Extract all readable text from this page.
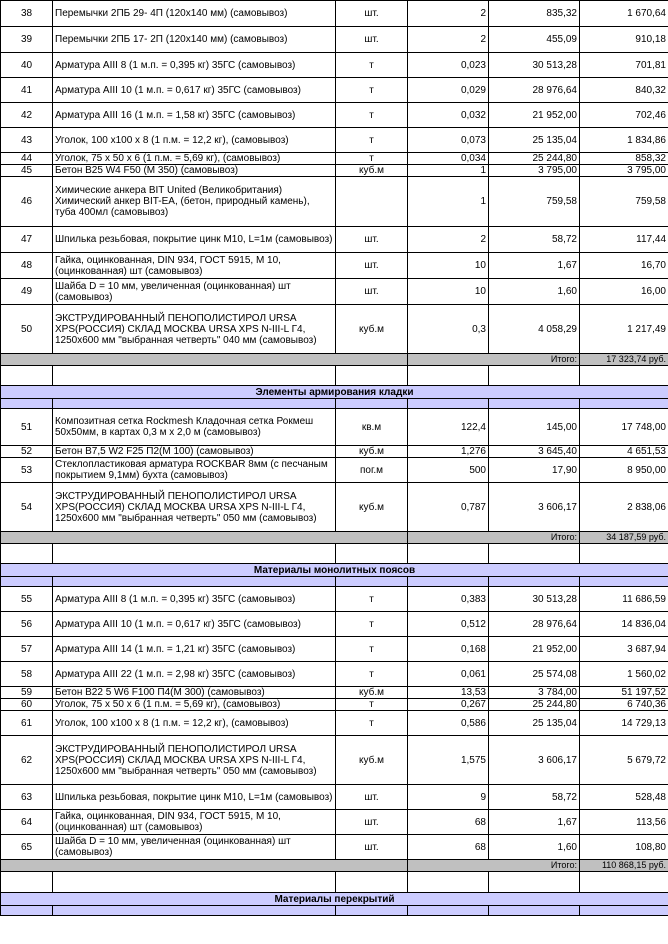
38	Перемычки 2ПБ 29- 4П (120х140 мм) (самовывоз)	шт.	2	835,32	1 670,64
39	Перемычки 2ПБ 17- 2П (120х140 мм) (самовывоз)	шт.	2	455,09	910,18
40	Арматура АIII 8 (1 м.п. = 0,395 кг) 35ГС (самовывоз)	т	0,023	30 513,28	701,81
41	Арматура АIII 10 (1 м.п. = 0,617 кг) 35ГС (самовывоз)	т	0,029	28 976,64	840,32
42	Арматура АIII 16 (1 м.п. = 1,58 кг) 35ГС (самовывоз)	т	0,032	21 952,00	702,46
43	Уголок, 100 х100 х 8 (1 п.м. = 12,2 кг), (самовывоз)	т	0,073	25 135,04	1 834,86
44	Уголок, 75 х 50 х 6 (1 п.м. = 5,69 кг), (самовывоз)	т	0,034	25 244,80	858,32
45	Бетон В25 W4 F50 (М 350) (самовывоз)	куб.м	1	3 795,00	3 795,00
46	Химические анкера BIT United (Великобритания) Химический анкер BIT-EA, (бетон, природный камень), туба 400мл (самовывоз)		1	759,58	759,58
47	Шпилька резьбовая, покрытие цинк М10, L=1м (самовывоз)	шт.	2	58,72	117,44
48	Гайка, оцинкованная, DIN 934, ГОСТ 5915, М 10, (оцинкованная) шт (самовывоз)	шт.	10	1,67	16,70
49	Шайба D = 10 мм, увеличенная (оцинкованная) шт (самовывоз)	шт.	10	1,60	16,00
50	ЭКСТРУДИРОВАННЫЙ ПЕНОПОЛИСТИРОЛ URSA XPS(РОССИЯ) СКЛАД МОСКВА URSA XPS N-III-L Г4, 1250х600 мм "выбранная четверть" 040 мм (самовывоз)	куб.м	0,3	4 058,29	1 217,49
			Итого:		17 323,74 руб.

Элементы армирования кладки					

51	Композитная сетка Rockmesh Кладочная сетка Рокмеш 50х50мм, в картах 0,3 м х 2,0 м (самовывоз)	кв.м	122,4	145,00	17 748,00
52	Бетон В7,5 W2 F25 П2(М 100) (самовывоз)	куб.м	1,276	3 645,40	4 651,53
53	Стеклопластиковая арматура ROCKBAR 8мм (с песчаным покрытием 9,1мм) бухта (самовывоз)	пог.м	500	17,90	8 950,00
54	ЭКСТРУДИРОВАННЫЙ ПЕНОПОЛИСТИРОЛ URSA XPS(РОССИЯ) СКЛАД МОСКВА URSA XPS N-III-L Г4, 1250х600 мм "выбранная четверть" 050 мм (самовывоз)	куб.м	0,787	3 606,17	2 838,06
			Итого:		34 187,59 руб.

Материалы монолитных поясов					

55	Арматура АIII 8 (1 м.п. = 0,395 кг) 35ГС (самовывоз)	т	0,383	30 513,28	11 686,59
56	Арматура АIII 10 (1 м.п. = 0,617 кг) 35ГС (самовывоз)	т	0,512	28 976,64	14 836,04
57	Арматура АIII 14 (1 м.п. = 1,21 кг) 35ГС (самовывоз)	т	0,168	21 952,00	3 687,94
58	Арматура АIII 22 (1 м.п. = 2,98 кг) 35ГС (самовывоз)	т	0,061	25 574,08	1 560,02
59	Бетон В22 5 W6 F100 П4(М 300) (самовывоз)	куб.м	13,53	3 784,00	51 197,52
60	Уголок, 75 х 50 х 6 (1 п.м. = 5,69 кг), (самовывоз)	т	0,267	25 244,80	6 740,36
61	Уголок, 100 х100 х 8 (1 п.м. = 12,2 кг), (самовывоз)	т	0,586	25 135,04	14 729,13
62	ЭКСТРУДИРОВАННЫЙ ПЕНОПОЛИСТИРОЛ URSA XPS(РОССИЯ) СКЛАД МОСКВА URSA XPS N-III-L Г4, 1250х600 мм "выбранная четверть" 050 мм (самовывоз)	куб.м	1,575	3 606,17	5 679,72
63	Шпилька резьбовая, покрытие цинк М10, L=1м (самовывоз)	шт.	9	58,72	528,48
64	Гайка, оцинкованная, DIN 934, ГОСТ 5915, М 10, (оцинкованная) шт (самовывоз)	шт.	68	1,67	113,56
65	Шайба D = 10 мм, увеличенная (оцинкованная) шт (самовывоз)	шт.	68	1,60	108,80
			Итого:		110 868,15 руб.

Материалы перекрытий					
